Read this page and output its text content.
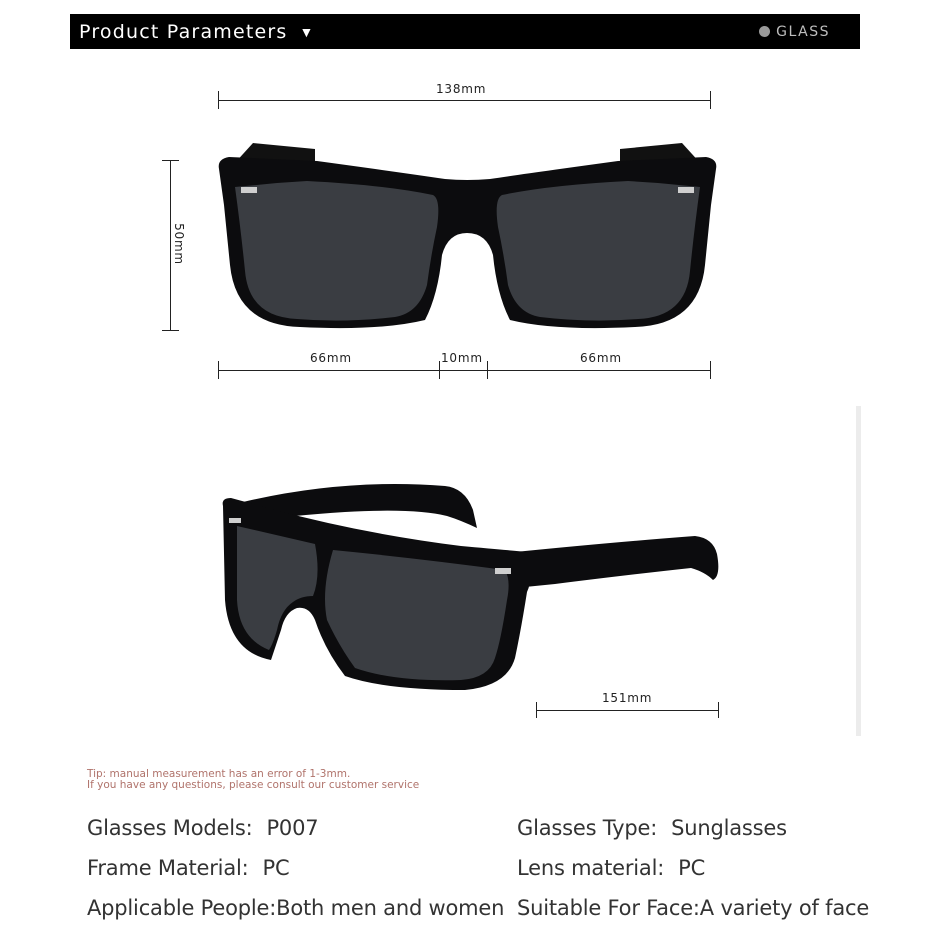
Product Parameters ▼	GLASS
138mm
50mm
66mm	10mm	66mm
151mm
Tip: manual measurement has an error of 1-3mm.
If you have any questions, please consult our customer service
Glasses Models: P007	Glasses Type: Sunglasses
Frame Material: PC	Lens material: PC
Applicable People:Both men and women Suitable For Face:A variety of face
